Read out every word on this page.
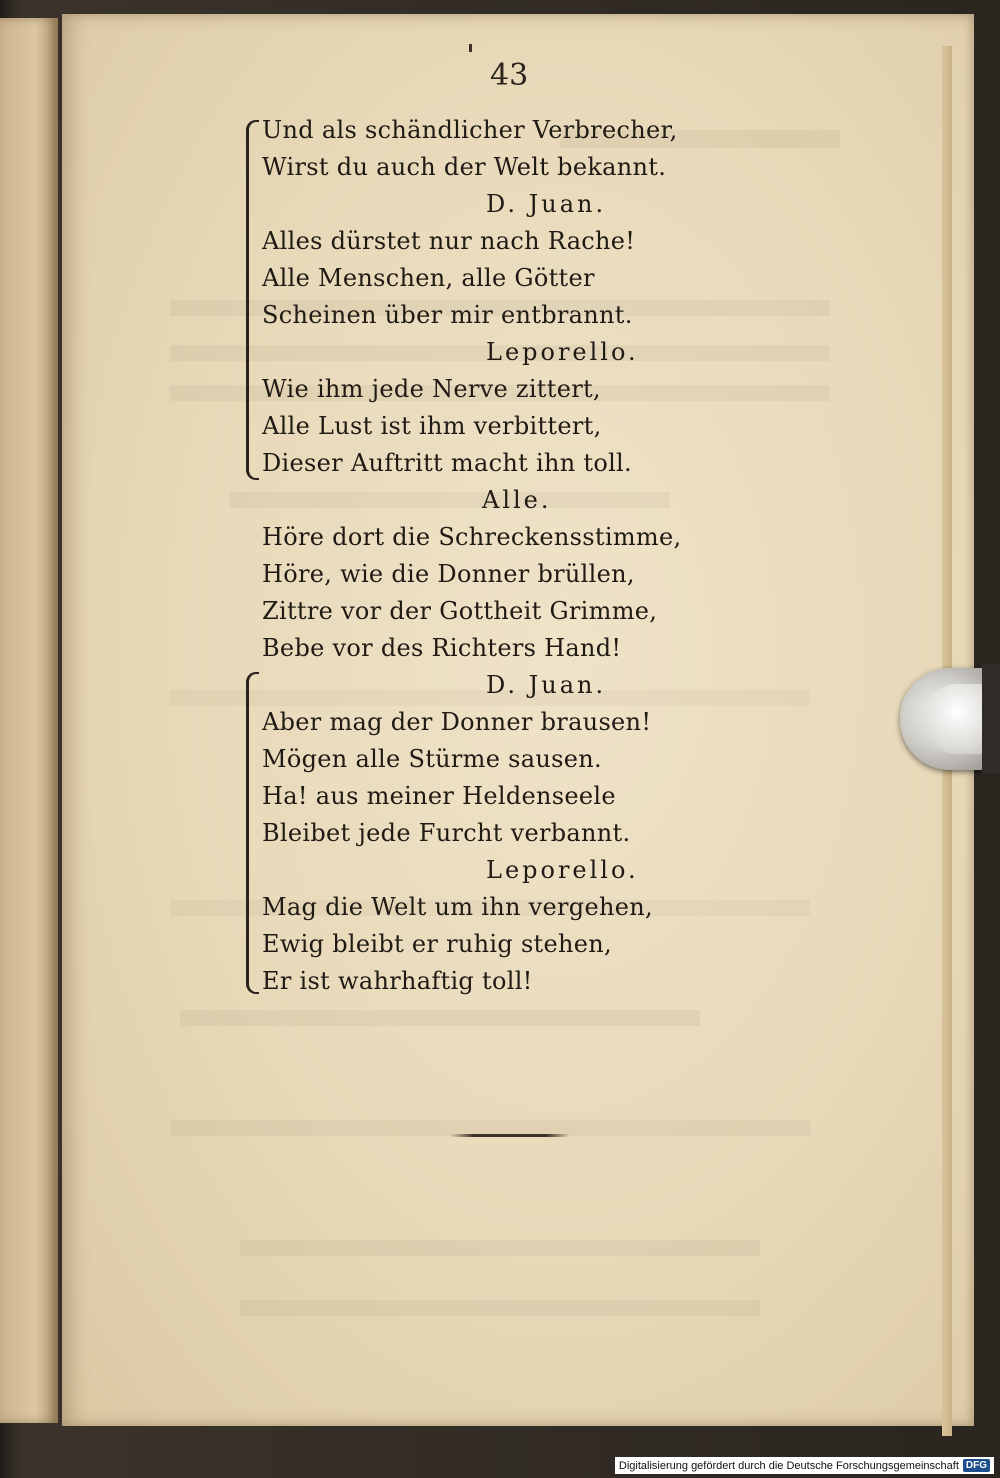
43
Und als schändlicher Verbrecher,
Wirst du auch der Welt bekannt.
D. Juan.
Alles dürstet nur nach Rache!
Alle Menschen, alle Götter
Scheinen über mir entbrannt.
Leporello.
Wie ihm jede Nerve zittert,
Alle Lust ist ihm verbittert,
Dieser Auftritt macht ihn toll.
Alle.
Höre dort die Schreckensstimme,
Höre, wie die Donner brüllen,
Zittre vor der Gottheit Grimme,
Bebe vor des Richters Hand!
D. Juan.
Aber mag der Donner brausen!
Mögen alle Stürme sausen.
Ha! aus meiner Heldenseele
Bleibet jede Furcht verbannt.
Leporello.
Mag die Welt um ihn vergehen,
Ewig bleibt er ruhig stehen,
Er ist wahrhaftig toll!
Digitalisierung gefördert durch die Deutsche Forschungsgemeinschaft DFG
